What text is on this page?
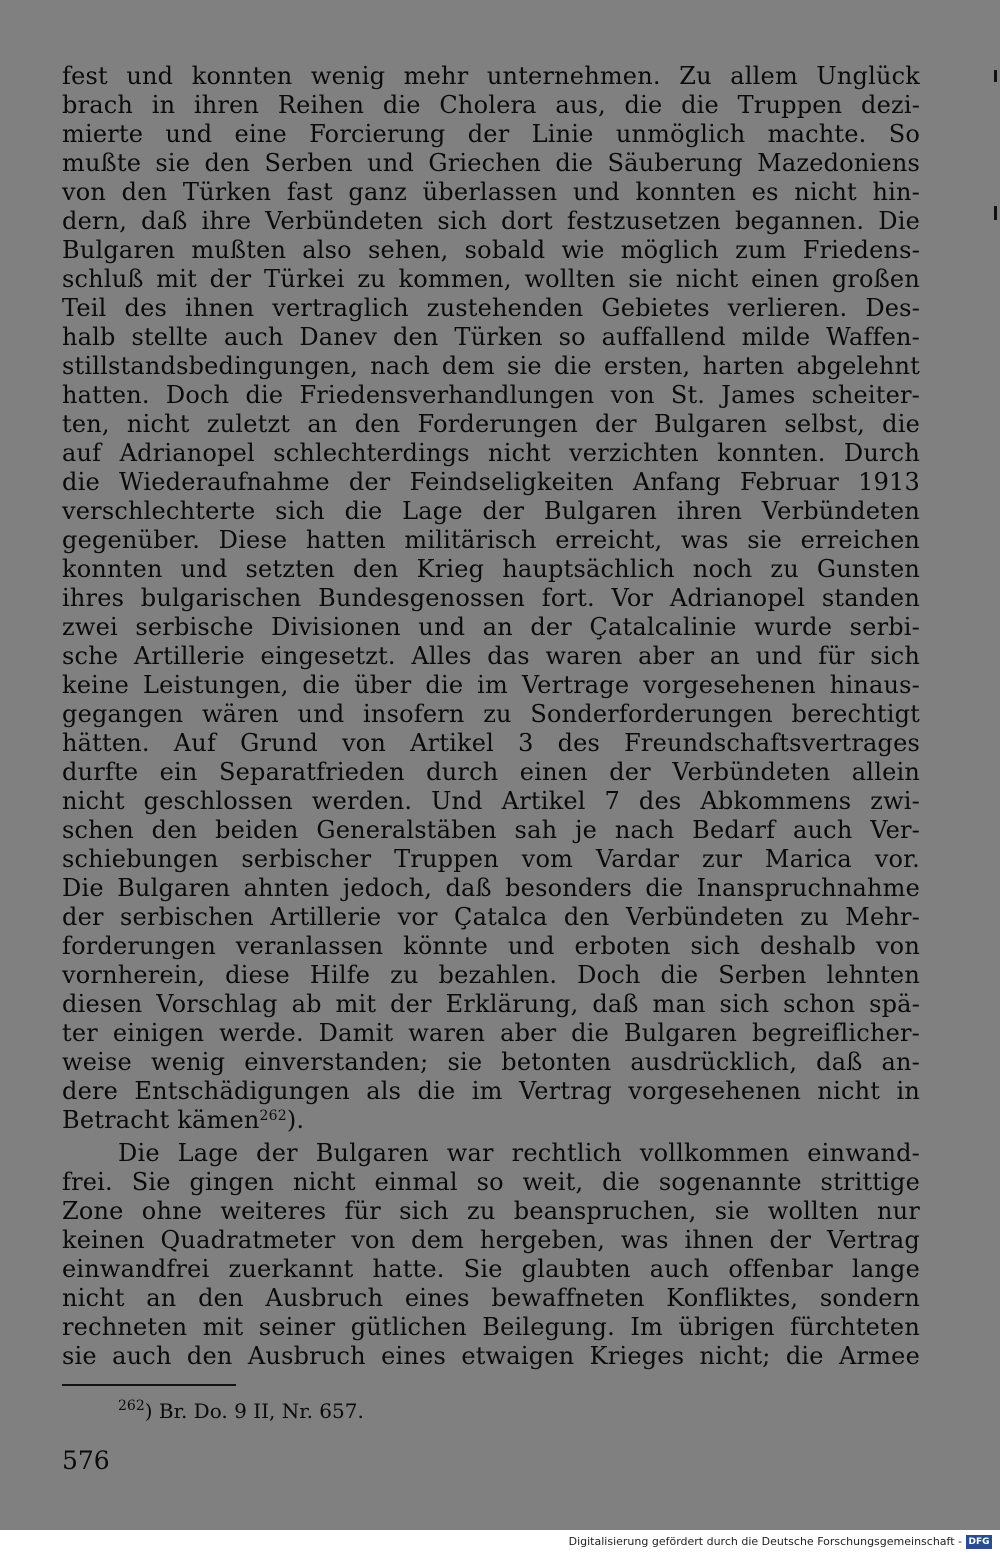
fest und konnten wenig mehr unternehmen. Zu allem Unglück
brach in ihren Reihen die Cholera aus, die die Truppen dezi-
mierte und eine Forcierung der Linie unmöglich machte. So
mußte sie den Serben und Griechen die Säuberung Mazedoniens
von den Türken fast ganz überlassen und konnten es nicht hin-
dern, daß ihre Verbündeten sich dort festzusetzen begannen. Die
Bulgaren mußten also sehen, sobald wie möglich zum Friedens-
schluß mit der Türkei zu kommen, wollten sie nicht einen großen
Teil des ihnen vertraglich zustehenden Gebietes verlieren. Des-
halb stellte auch Danev den Türken so auffallend milde Waffen-
stillstandsbedingungen, nach dem sie die ersten, harten abgelehnt
hatten. Doch die Friedensverhandlungen von St. James scheiter-
ten, nicht zuletzt an den Forderungen der Bulgaren selbst, die
auf Adrianopel schlechterdings nicht verzichten konnten. Durch
die Wiederaufnahme der Feindseligkeiten Anfang Februar 1913
verschlechterte sich die Lage der Bulgaren ihren Verbündeten
gegenüber. Diese hatten militärisch erreicht, was sie erreichen
konnten und setzten den Krieg hauptsächlich noch zu Gunsten
ihres bulgarischen Bundesgenossen fort. Vor Adrianopel standen
zwei serbische Divisionen und an der Çatalcalinie wurde serbi-
sche Artillerie eingesetzt. Alles das waren aber an und für sich
keine Leistungen, die über die im Vertrage vorgesehenen hinaus-
gegangen wären und insofern zu Sonderforderungen berechtigt
hätten. Auf Grund von Artikel 3 des Freundschaftsvertrages
durfte ein Separatfrieden durch einen der Verbündeten allein
nicht geschlossen werden. Und Artikel 7 des Abkommens zwi-
schen den beiden Generalstäben sah je nach Bedarf auch Ver-
schiebungen serbischer Truppen vom Vardar zur Marica vor.
Die Bulgaren ahnten jedoch, daß besonders die Inanspruchnahme
der serbischen Artillerie vor Çatalca den Verbündeten zu Mehr-
forderungen veranlassen könnte und erboten sich deshalb von
vornherein, diese Hilfe zu bezahlen. Doch die Serben lehnten
diesen Vorschlag ab mit der Erklärung, daß man sich schon spä-
ter einigen werde. Damit waren aber die Bulgaren begreiflicher-
weise wenig einverstanden; sie betonten ausdrücklich, daß an-
dere Entschädigungen als die im Vertrag vorgesehenen nicht in
Betracht kämen$^{262}$).
Die Lage der Bulgaren war rechtlich vollkommen einwand-
frei. Sie gingen nicht einmal so weit, die sogenannte strittige
Zone ohne weiteres für sich zu beanspruchen, sie wollten nur
keinen Quadratmeter von dem hergeben, was ihnen der Vertrag
einwandfrei zuerkannt hatte. Sie glaubten auch offenbar lange
nicht an den Ausbruch eines bewaffneten Konfliktes, sondern
rechneten mit seiner gütlichen Beilegung. Im übrigen fürchteten
sie auch den Ausbruch eines etwaigen Krieges nicht; die Armee
$^{262}$) Br. Do. 9 II, Nr. 657.
576
Digitalisierung gefördert durch die Deutsche Forschungsgemeinschaft - DFG
